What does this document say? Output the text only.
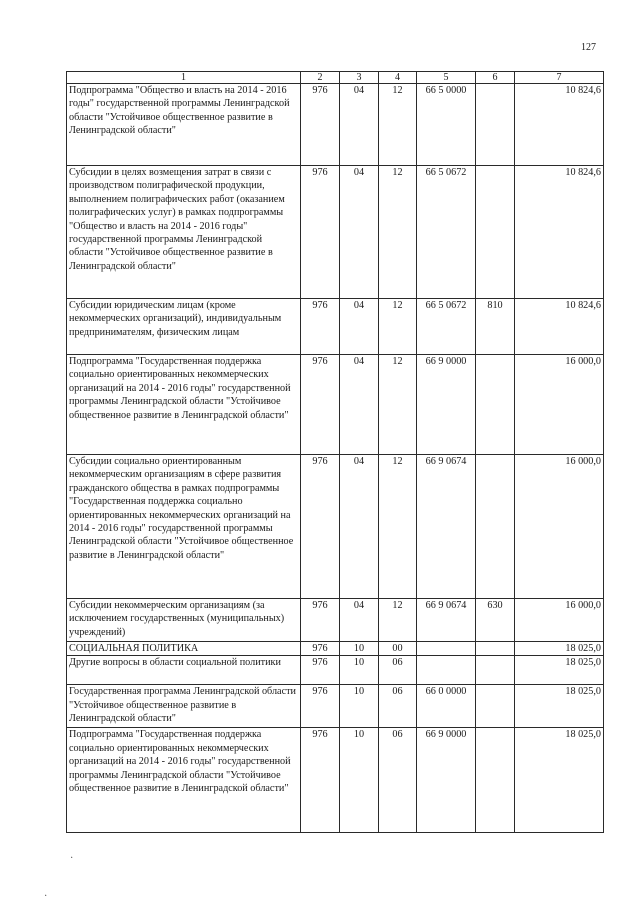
127
1	2	3	4	5	6	7
Подпрограмма "Общество и власть на 2014 - 2016 годы" государственной программы Ленинградской области "Устойчивое общественное развитие в Ленинградской области"	976	04	12	66 5 0000		10 824,6
Субсидии в целях возмещения затрат в связи с производством полиграфической продукции, выполнением полиграфических работ (оказанием полиграфических услуг) в рамках подпрограммы "Общество и власть на 2014 - 2016 годы" государственной программы Ленинградской области "Устойчивое общественное развитие в Ленинградской области"	976	04	12	66 5 0672		10 824,6
Субсидии юридическим лицам (кроме некоммерческих организаций), индивидуальным предпринимателям, физическим лицам	976	04	12	66 5 0672	810	10 824,6
Подпрограмма "Государственная поддержка социально ориентированных некоммерческих организаций на 2014 - 2016 годы" государственной программы Ленинградской области "Устойчивое общественное развитие в Ленинградской области"	976	04	12	66 9 0000		16 000,0
Субсидии социально ориентированным некоммерческим организациям в сфере развития гражданского общества в рамках подпрограммы "Государственная поддержка социально ориентированных некоммерческих организаций на 2014 - 2016 годы" государственной программы Ленинградской области "Устойчивое общественное развитие в Ленинградской области"	976	04	12	66 9 0674		16 000,0
Субсидии некоммерческим организациям (за исключением государственных (муниципальных) учреждений)	976	04	12	66 9 0674	630	16 000,0
СОЦИАЛЬНАЯ ПОЛИТИКА	976	10	00			18 025,0
Другие вопросы в области социальной политики	976	10	06			18 025,0
Государственная программа Ленинградской области "Устойчивое общественное развитие в Ленинградской области"	976	10	06	66 0 0000		18 025,0
Подпрограмма "Государственная поддержка социально ориентированных некоммерческих организаций на 2014 - 2016 годы" государственной программы Ленинградской области "Устойчивое общественное развитие в Ленинградской области"	976	10	06	66 9 0000		18 025,0
․
․
